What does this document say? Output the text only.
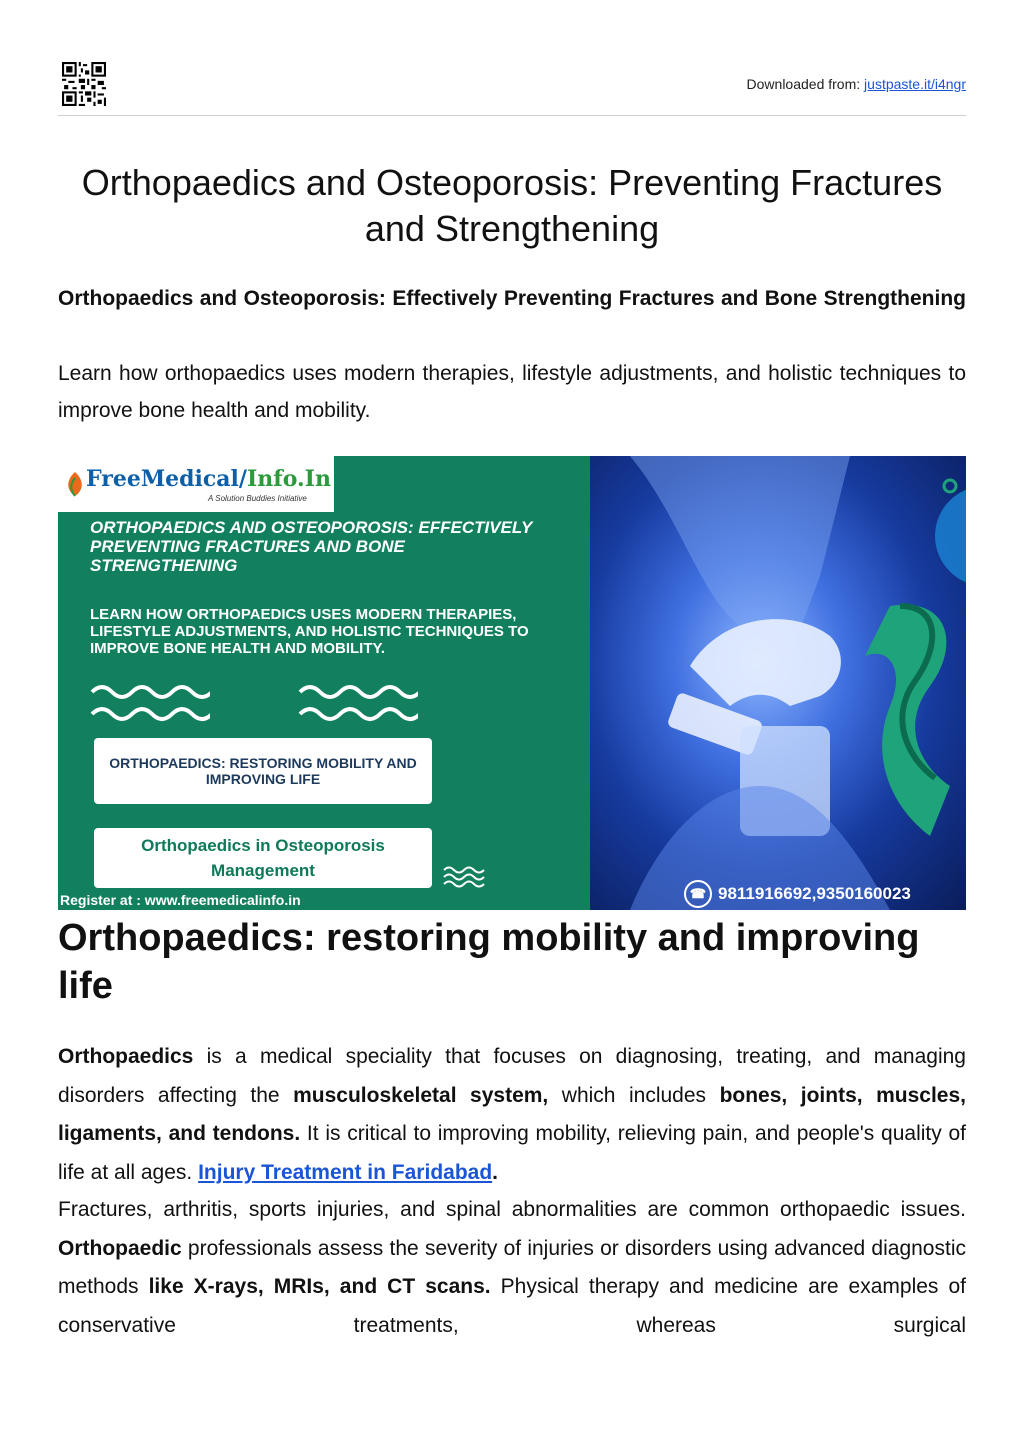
Downloaded from: justpaste.it/i4ngr
Orthopaedics and Osteoporosis: Preventing Fractures and Strengthening

Orthopaedics and Osteoporosis: Effectively Preventing Fractures and Bone Strengthening

Learn how orthopaedics uses modern therapies, lifestyle adjustments, and holistic techniques to improve bone health and mobility.

FreeMedical/Info.In
A Solution Buddies Initiative

ORTHOPAEDICS AND OSTEOPOROSIS: EFFECTIVELY PREVENTING FRACTURES AND BONE STRENGTHENING

LEARN HOW ORTHOPAEDICS USES MODERN THERAPIES, LIFESTYLE ADJUSTMENTS, AND HOLISTIC TECHNIQUES TO IMPROVE BONE HEALTH AND MOBILITY.

ORTHOPAEDICS: RESTORING MOBILITY AND IMPROVING LIFE
Orthopaedics in Osteoporosis Management
Register at : www.freemedicalinfo.in	☎ 9811916692,9350160023
Orthopaedics: restoring mobility and improving life

Orthopaedics is a medical speciality that focuses on diagnosing, treating, and managing disorders affecting the musculoskeletal system, which includes bones, joints, muscles, ligaments, and tendons. It is critical to improving mobility, relieving pain, and people's quality of life at all ages. Injury Treatment in Faridabad.

Fractures, arthritis, sports injuries, and spinal abnormalities are common orthopaedic issues. Orthopaedic professionals assess the severity of injuries or disorders using advanced diagnostic methods like X-rays, MRIs, and CT scans. Physical therapy and medicine are examples of conservative treatments, whereas surgical
